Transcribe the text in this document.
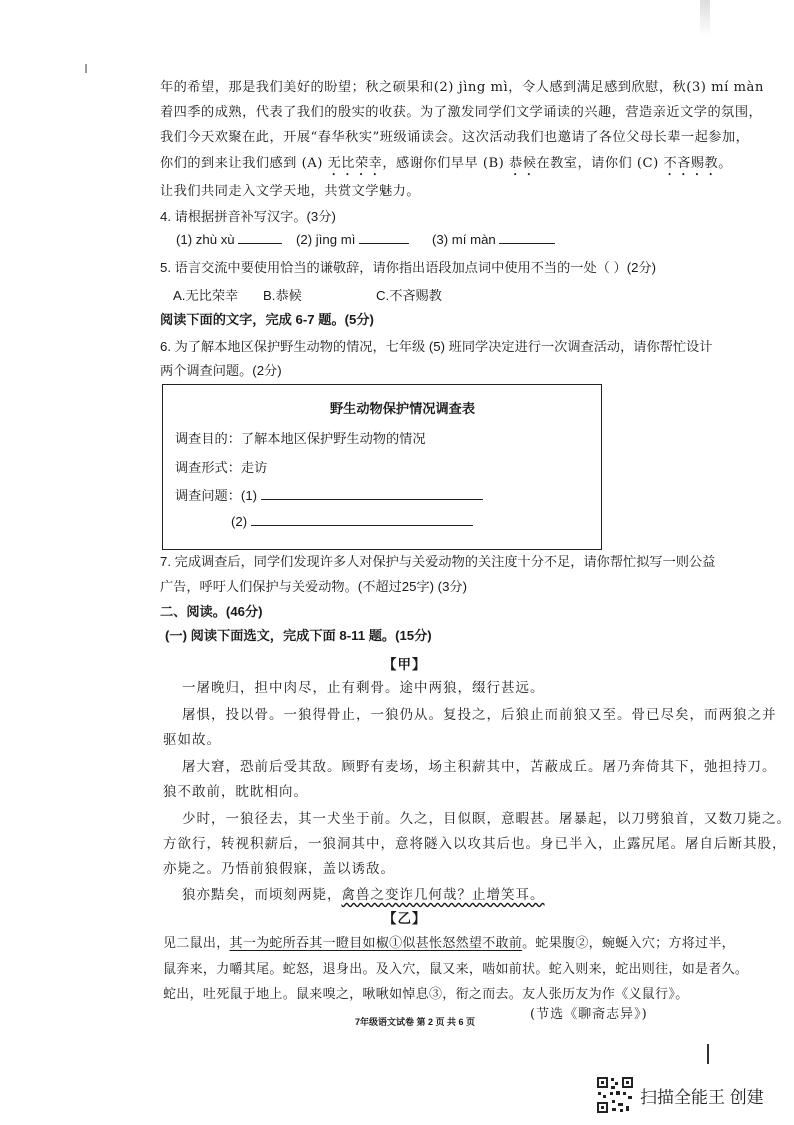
年的希望，那是我们美好的盼望；秋之硕果和(2) jìng mì，令人感到满足感到欣慰，秋(3) mí màn
着四季的成熟，代表了我们的殷实的收获。为了激发同学们文学诵读的兴趣，营造亲近文学的氛围，
我们今天欢聚在此，开展“春华秋实”班级诵读会。这次活动我们也邀请了各位父母长辈一起参加，
你们的到来让我们感到 (A) 无比荣幸，感谢你们早早 (B) 恭候在教室，请你们 (C) 不吝赐教。
让我们共同走入文学天地，共赏文学魅力。
4. 请根据拼音补写汉字。(3分)
(1) zhù xù	(2) jìng mì	(3) mí màn
5. 语言交流中要使用恰当的谦敬辞，请你指出语段加点词中使用不当的一处（ ）(2分)
A.无比荣幸 B.恭候	C.不吝赐教
阅读下面的文字，完成 6-7 题。(5分)
6. 为了解本地区保护野生动物的情况，七年级 (5) 班同学决定进行一次调查活动，请你帮忙设计
两个调查问题。(2分)
野生动物保护情况调查表
调查目的：了解本地区保护野生动物的情况
调查形式：走访
调查问题：(1)
(2)
7. 完成调查后，同学们发现许多人对保护与关爱动物的关注度十分不足，请你帮忙拟写一则公益
广告，呼吁人们保护与关爱动物。(不超过25字) (3分)
二、阅读。(46分)
(一) 阅读下面选文，完成下面 8-11 题。(15分)
【甲】
一屠晚归，担中肉尽，止有剩骨。途中两狼，缀行甚远。
屠惧，投以骨。一狼得骨止，一狼仍从。复投之，后狼止而前狼又至。骨已尽矣，而两狼之并
驱如故。
屠大窘，恐前后受其敌。顾野有麦场，场主积薪其中，苫蔽成丘。屠乃奔倚其下，弛担持刀。
狼不敢前，眈眈相向。
少时，一狼径去，其一犬坐于前。久之，目似瞑，意暇甚。屠暴起，以刀劈狼首，又数刀毙之。
方欲行，转视积薪后，一狼洞其中，意将隧入以攻其后也。身已半入，止露尻尾。屠自后断其股，
亦毙之。乃悟前狼假寐，盖以诱敌。
狼亦黠矣，而顷刻两毙，禽兽之变诈几何哉？止增笑耳。
【乙】
见二鼠出，其一为蛇所吞其一瞪目如椒①似甚怅怒然望不敢前。蛇果腹②，蜿蜒入穴；方将过半，
鼠奔来，力嚼其尾。蛇怒，退身出。及入穴，鼠又来，啮如前状。蛇入则来，蛇出则往，如是者久。
蛇出，吐死鼠于地上。鼠来嗅之，啾啾如悼息③，衔之而去。友人张历友为作《义鼠行》。
(节选《聊斋志异》)
7年级语文试卷 第 2 页 共 6 页
扫描全能王 创建
